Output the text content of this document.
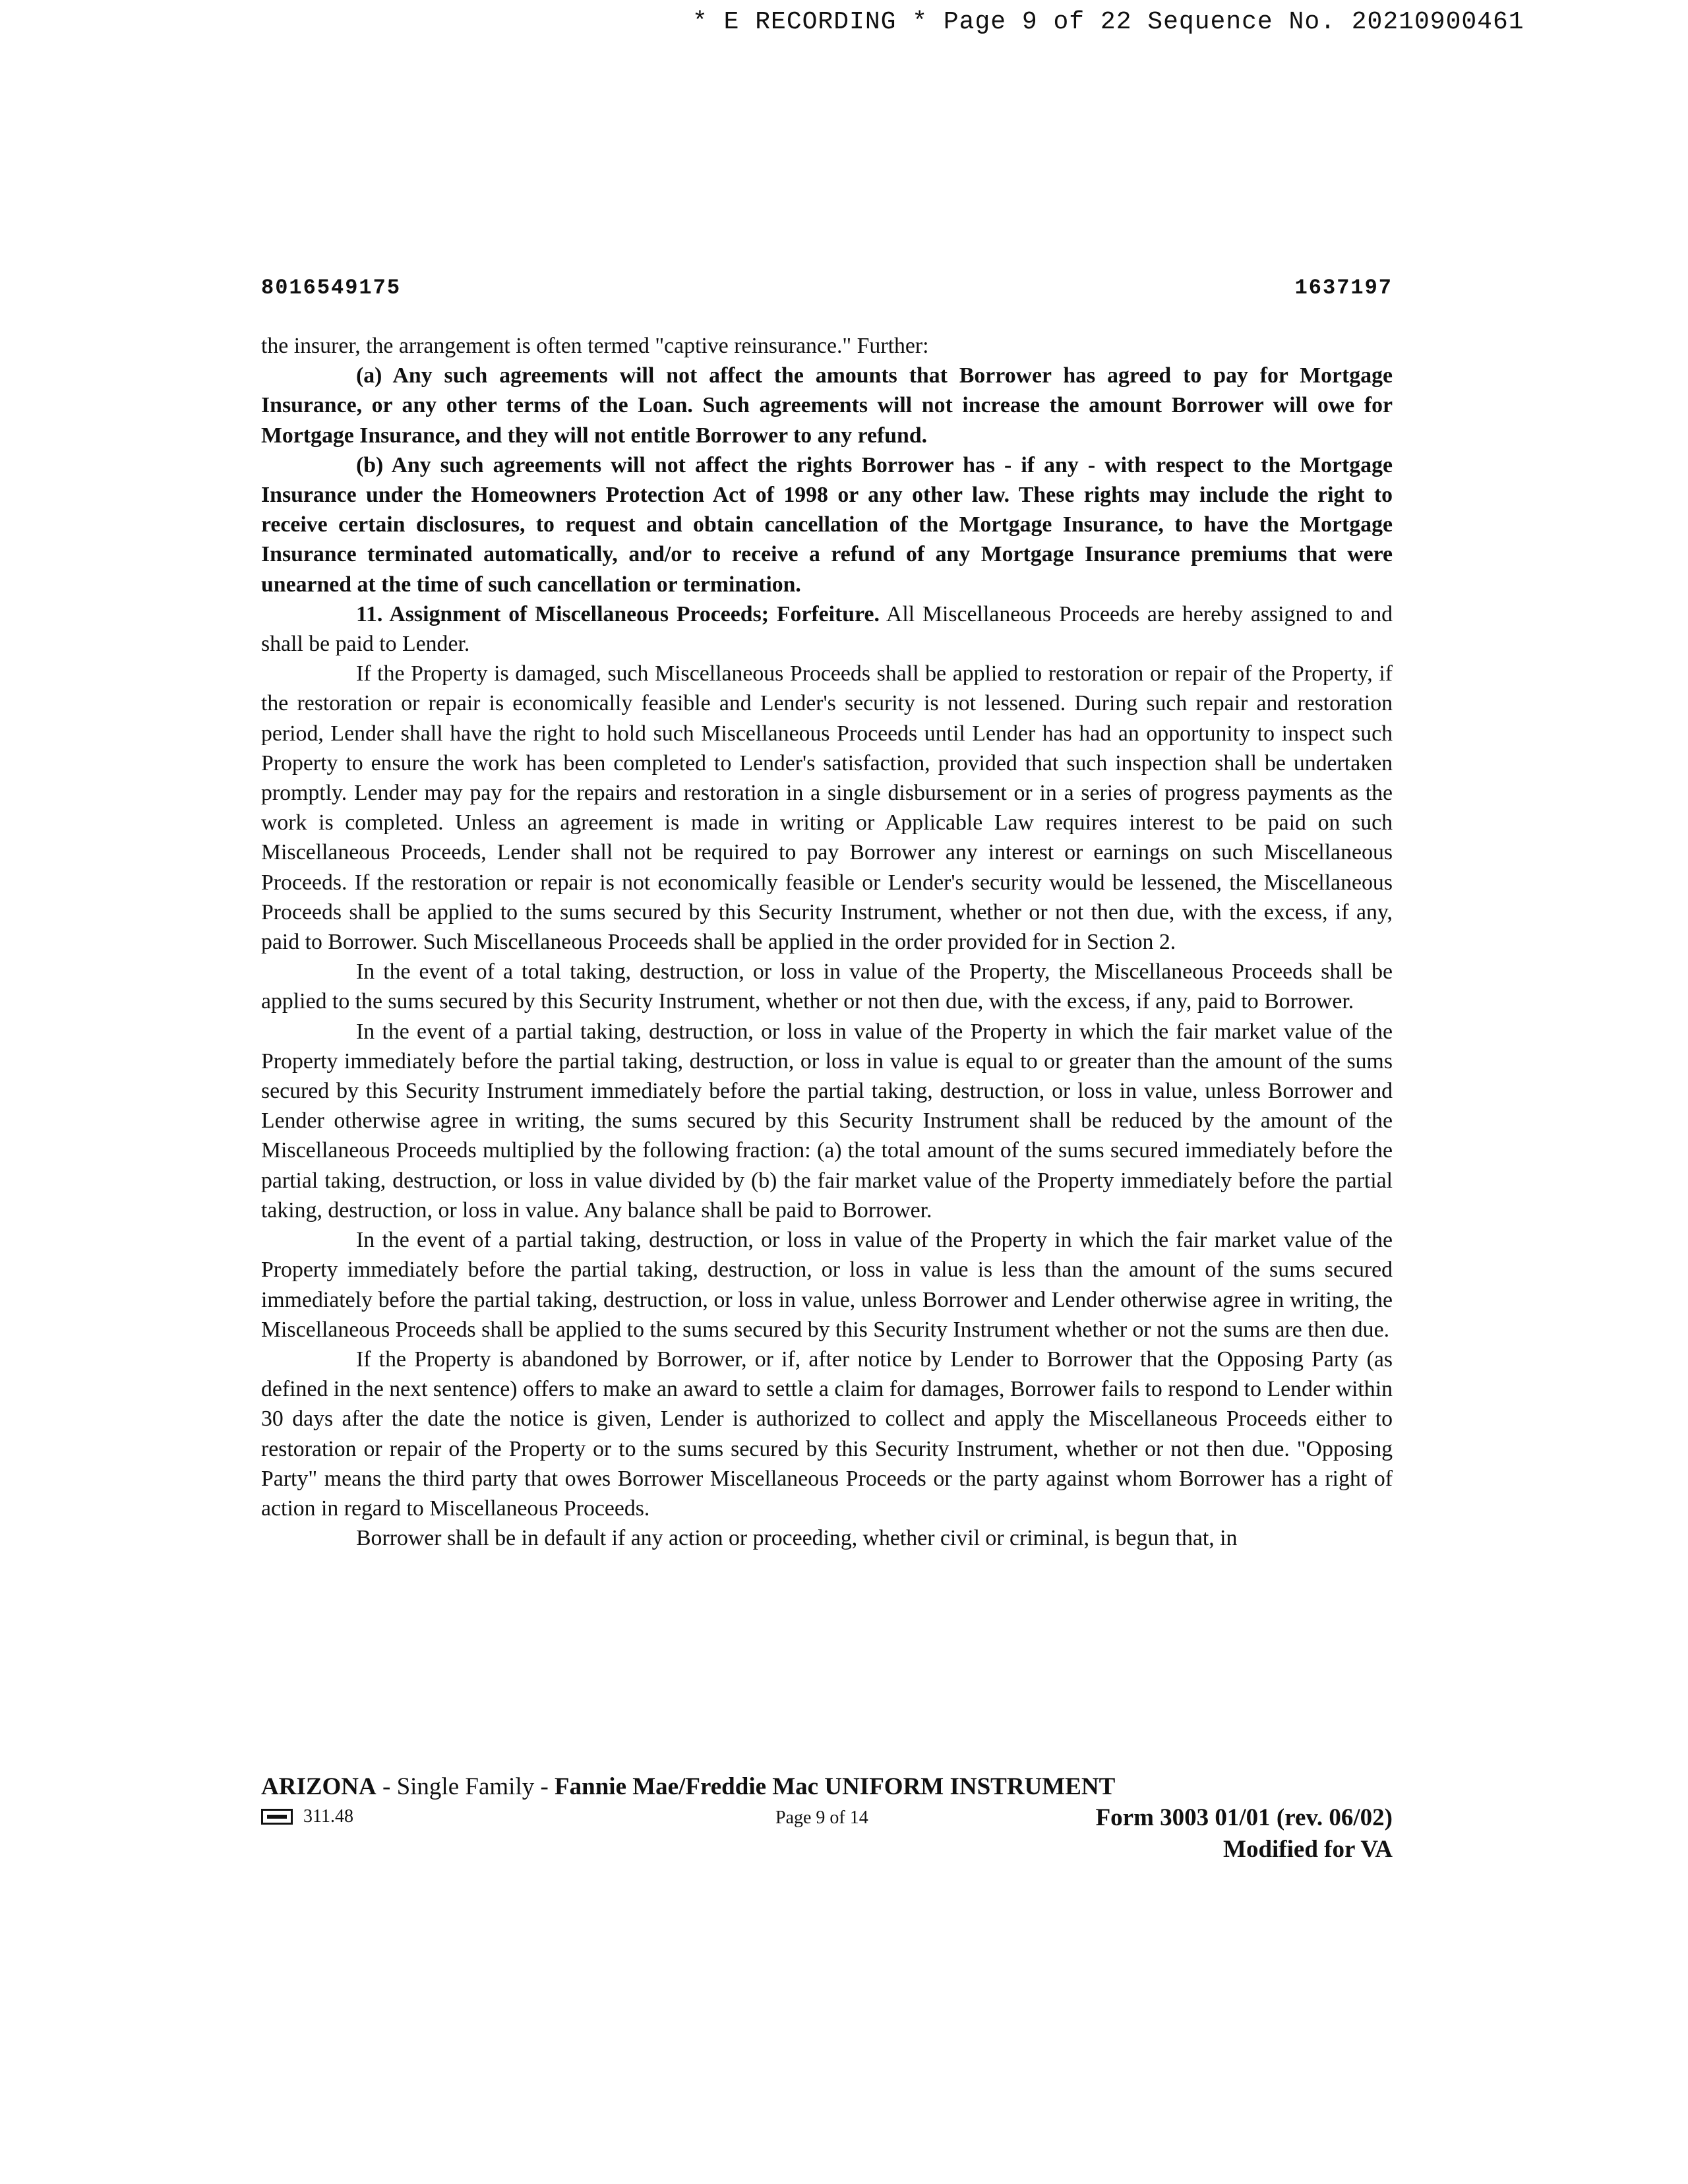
* E RECORDING * Page 9 of 22 Sequence No. 20210900461
8016549175	1637197

the insurer, the arrangement is often termed "captive reinsurance." Further:

(a) Any such agreements will not affect the amounts that Borrower has agreed to pay for Mortgage Insurance, or any other terms of the Loan. Such agreements will not increase the amount Borrower will owe for Mortgage Insurance, and they will not entitle Borrower to any refund.

(b) Any such agreements will not affect the rights Borrower has - if any - with respect to the Mortgage Insurance under the Homeowners Protection Act of 1998 or any other law. These rights may include the right to receive certain disclosures, to request and obtain cancellation of the Mortgage Insurance, to have the Mortgage Insurance terminated automatically, and/or to receive a refund of any Mortgage Insurance premiums that were unearned at the time of such cancellation or termination.

11. Assignment of Miscellaneous Proceeds; Forfeiture. All Miscellaneous Proceeds are hereby assigned to and shall be paid to Lender.

If the Property is damaged, such Miscellaneous Proceeds shall be applied to restoration or repair of the Property, if the restoration or repair is economically feasible and Lender's security is not lessened. During such repair and restoration period, Lender shall have the right to hold such Miscellaneous Proceeds until Lender has had an opportunity to inspect such Property to ensure the work has been completed to Lender's satisfaction, provided that such inspection shall be undertaken promptly. Lender may pay for the repairs and restoration in a single disbursement or in a series of progress payments as the work is completed. Unless an agreement is made in writing or Applicable Law requires interest to be paid on such Miscellaneous Proceeds, Lender shall not be required to pay Borrower any interest or earnings on such Miscellaneous Proceeds. If the restoration or repair is not economically feasible or Lender's security would be lessened, the Miscellaneous Proceeds shall be applied to the sums secured by this Security Instrument, whether or not then due, with the excess, if any, paid to Borrower. Such Miscellaneous Proceeds shall be applied in the order provided for in Section 2.

In the event of a total taking, destruction, or loss in value of the Property, the Miscellaneous Proceeds shall be applied to the sums secured by this Security Instrument, whether or not then due, with the excess, if any, paid to Borrower.

In the event of a partial taking, destruction, or loss in value of the Property in which the fair market value of the Property immediately before the partial taking, destruction, or loss in value is equal to or greater than the amount of the sums secured by this Security Instrument immediately before the partial taking, destruction, or loss in value, unless Borrower and Lender otherwise agree in writing, the sums secured by this Security Instrument shall be reduced by the amount of the Miscellaneous Proceeds multiplied by the following fraction: (a) the total amount of the sums secured immediately before the partial taking, destruction, or loss in value divided by (b) the fair market value of the Property immediately before the partial taking, destruction, or loss in value. Any balance shall be paid to Borrower.

In the event of a partial taking, destruction, or loss in value of the Property in which the fair market value of the Property immediately before the partial taking, destruction, or loss in value is less than the amount of the sums secured immediately before the partial taking, destruction, or loss in value, unless Borrower and Lender otherwise agree in writing, the Miscellaneous Proceeds shall be applied to the sums secured by this Security Instrument whether or not the sums are then due.

If the Property is abandoned by Borrower, or if, after notice by Lender to Borrower that the Opposing Party (as defined in the next sentence) offers to make an award to settle a claim for damages, Borrower fails to respond to Lender within 30 days after the date the notice is given, Lender is authorized to collect and apply the Miscellaneous Proceeds either to restoration or repair of the Property or to the sums secured by this Security Instrument, whether or not then due. "Opposing Party" means the third party that owes Borrower Miscellaneous Proceeds or the party against whom Borrower has a right of action in regard to Miscellaneous Proceeds.

Borrower shall be in default if any action or proceeding, whether civil or criminal, is begun that, in

ARIZONA - Single Family - Fannie Mae/Freddie Mac UNIFORM INSTRUMENT
311.48	Page 9 of 14	Form 3003 01/01 (rev. 06/02)
Modified for VA
